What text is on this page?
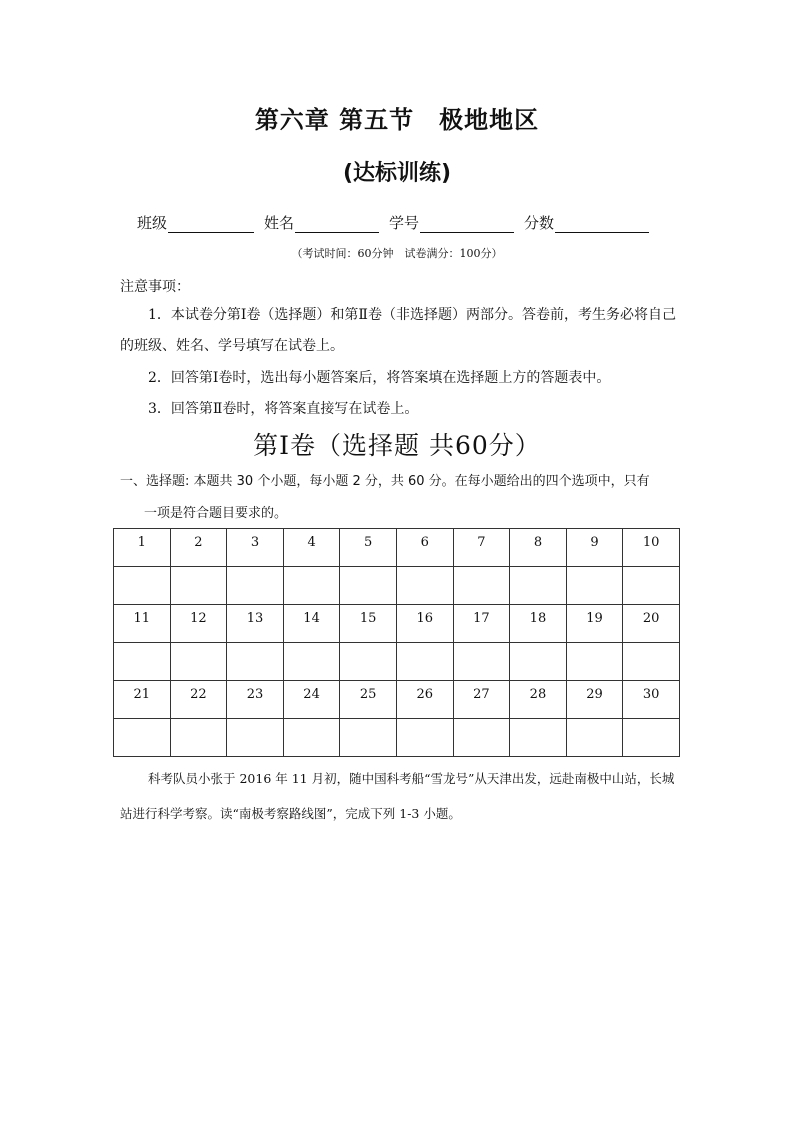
第六章 第五节　极地地区
(达标训练)
班级	姓名	学号	分数
（考试时间：60分钟　试卷满分：100分）
注意事项：
1．本试卷分第Ⅰ卷（选择题）和第Ⅱ卷（非选择题）两部分。答卷前，考生务必将自己的班级、姓名、学号填写在试卷上。
2．回答第Ⅰ卷时，选出每小题答案后，将答案填在选择题上方的答题表中。
3．回答第Ⅱ卷时，将答案直接写在试卷上。
第Ⅰ卷（选择题 共60分）
一、选择题: 本题共 30 个小题，每小题 2 分，共 60 分。在每小题给出的四个选项中，只有
一项是符合题目要求的。
1	2	3	4	5	6	7	8	9	10

11	12	13	14	15	16	17	18	19	20

21	22	23	24	25	26	27	28	29	30

科考队员小张于 2016 年 11 月初，随中国科考船“雪龙号”从天津出发，远赴南极中山站，长城站进行科学考察。读“南极考察路线图”，完成下列 1-3 小题。
